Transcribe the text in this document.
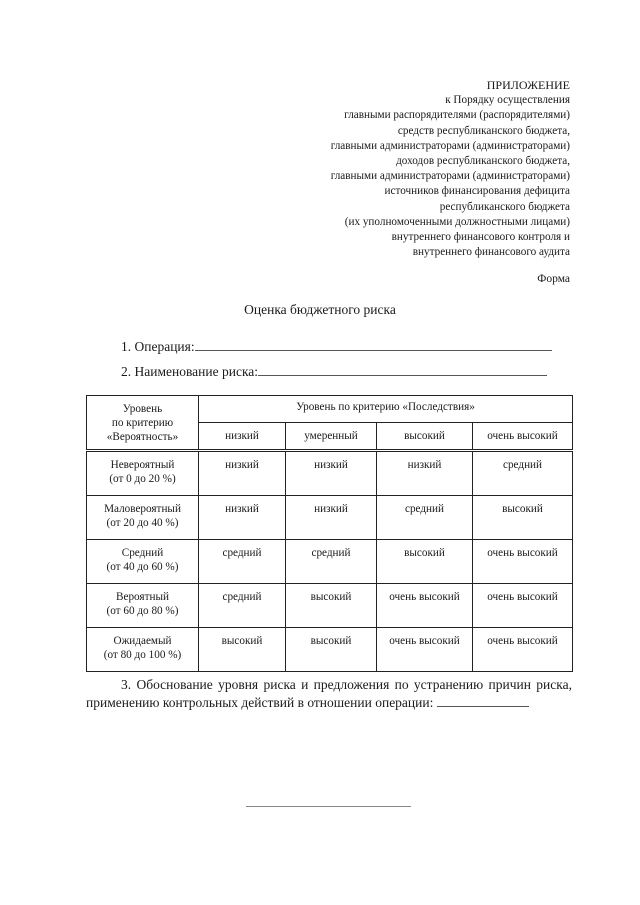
ПРИЛОЖЕНИЕ
к Порядку осуществления
главными распорядителями (распорядителями)
средств республиканского бюджета,
главными администраторами (администраторами)
доходов республиканского бюджета,
главными администраторами (администраторами)
источников финансирования дефицита
республиканского бюджета
(их уполномоченными должностными лицами)
внутреннего финансового контроля и
внутреннего финансового аудита
Форма
Оценка бюджетного риска
1. Операция:
2. Наименование риска:
Уровень
по критерию
«Вероятность»	Уровень по критерию «Последствия»			
	низкий	умеренный	высокий	очень высокий

Невероятный
(от 0 до 20 %)	низкий	низкий	низкий	средний

Маловероятный
(от 20 до 40 %)	низкий	низкий	средний	высокий

Средний
(от 40 до 60 %)	средний	средний	высокий	очень высокий

Вероятный
(от 60 до 80 %)	средний	высокий	очень высокий	очень высокий

Ожидаемый
(от 80 до 100 %)	высокий	высокий	очень высокий	очень высокий
3. Обоснование уровня риска и предложения по устранению причин риска, применению контрольных действий в отношении операции:
